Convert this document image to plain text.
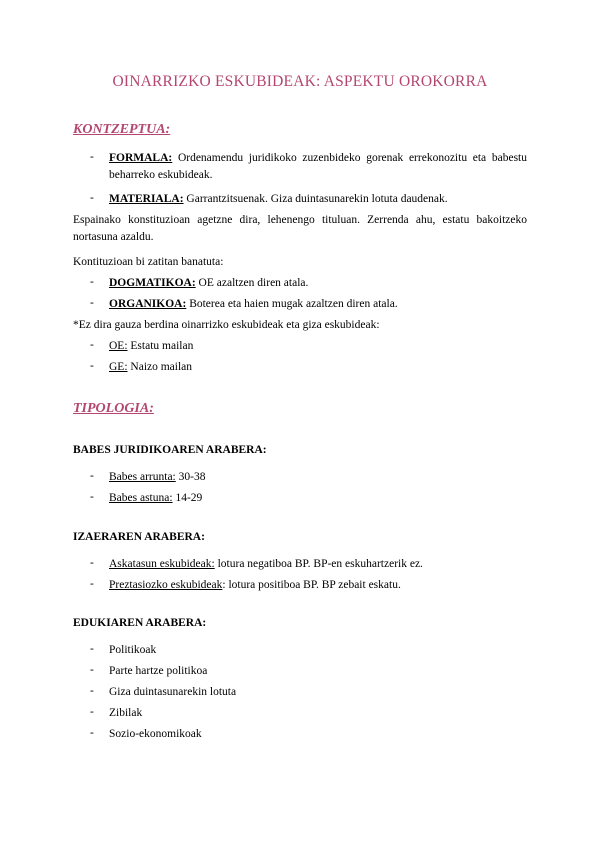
OINARRIZKO ESKUBIDEAK: ASPEKTU OROKORRA
KONTZEPTUA:
- FORMALA: Ordenamendu juridikoko zuzenbideko gorenak errekonozitu eta babestu beharreko eskubideak.
- MATERIALA: Garrantzitsuenak. Giza duintasunarekin lotuta daudenak.
Espainako konstituzioan agetzne dira, lehenengo tituluan. Zerrenda ahu, estatu bakoitzeko nortasuna azaldu.
Kontituzioan bi zatitan banatuta:
- DOGMATIKOA: OE azaltzen diren atala.
- ORGANIKOA: Boterea eta haien mugak azaltzen diren atala.
*Ez dira gauza berdina oinarrizko eskubideak eta giza eskubideak:
- OE: Estatu mailan
- GE: Naizo mailan
TIPOLOGIA:
BABES JURIDIKOAREN ARABERA:
- Babes arrunta: 30-38
- Babes astuna: 14-29
IZAERAREN ARABERA:
- Askatasun eskubideak: lotura negatiboa BP. BP-en eskuhartzerik ez.
- Preztasiozko eskubideak: lotura positiboa BP. BP zebait eskatu.
EDUKIAREN ARABERA:
- Politikoak
- Parte hartze politikoa
- Giza duintasunarekin lotuta
- Zibilak
- Sozio-ekonomikoak
